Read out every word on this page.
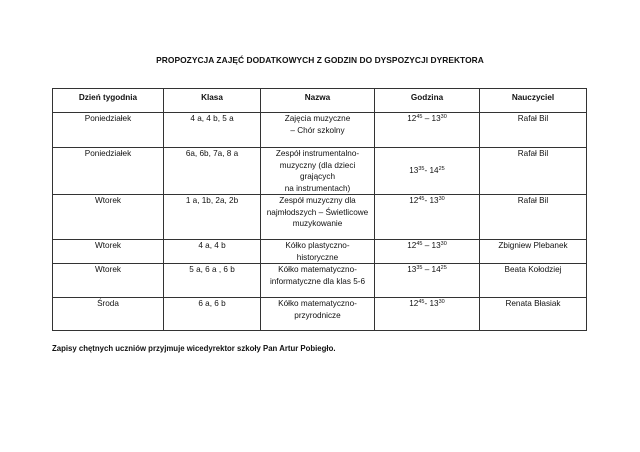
PROPOZYCJA ZAJĘĆ DODATKOWYCH Z GODZIN DO DYSPOZYCJI DYREKTORA
Dzień tygodnia	Klasa	Nazwa	Godzina	Nauczyciel
Poniedziałek	4 a, 4 b, 5 a	Zajęcia muzyczne
– Chór szkolny	$12^{45} - 13^{30}$	Rafał Bil
Poniedziałek	6a, 6b, 7a, 8 a	Zespół instrumentalno-
muzyczny (dla dzieci grających
na instrumentach)	$13^{35}-$ $14^{25}$	Rafał Bil
Wtorek	1 a, 1b, 2a, 2b	Zespół muzyczny dla
najmłodszych – Świetlicowe
muzykowanie	$12^{45}-$ $13^{30}$	Rafał Bil
Wtorek	4 a, 4 b	Kółko plastyczno- historyczne	$12^{45} - 13^{30}$	Zbigniew Plebanek
Wtorek	5 a, 6 a , 6 b	Kółko matematyczno-
informatyczne dla klas 5-6	$13^{35} - 14^{25}$	Beata Kołodziej
Środa	6 a, 6 b	Kółko matematyczno-
przyrodnicze	$12^{45}-$ $13^{30}$	Renata Błasiak
Zapisy chętnych uczniów przyjmuje wicedyrektor szkoły Pan Artur Pobiegło.
